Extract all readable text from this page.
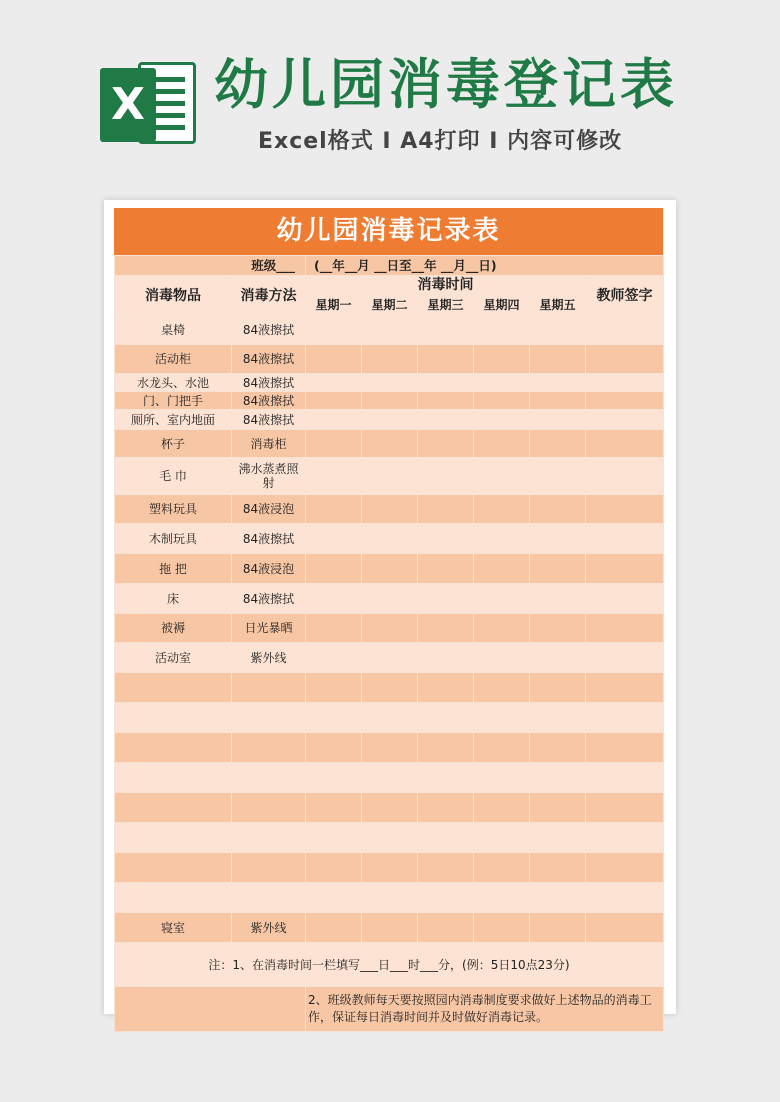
X 幼儿园消毒登记表
Excel格式 I A4打印 I 内容可修改
幼儿园消毒记录表
班级___		(__年__月 __日至__年 __月__日)					
消毒物品	消毒方法	消毒时间					教师签字
		星期一	星期二	星期三	星期四	星期五	
桌椅	84液擦拭						
活动柜	84液擦拭						
水龙头、水池	84液擦拭						
门、门把手	84液擦拭						
厕所、室内地面	84液擦拭						
杯子	消毒柜						
毛 巾	沸水蒸煮照射						
塑料玩具	84液浸泡						
木制玩具	84液擦拭						
拖 把	84液浸泡						
床	84液擦拭						
被褥	日光暴晒						
活动室	紫外线						

寝室	紫外线						
注：1、在消毒时间一栏填写___日___时___分，(例：5日10点23分)							
		2、班级教师每天要按照园内消毒制度要求做好上述物品的消毒工作，保证每日消毒时间并及时做好消毒记录。					
